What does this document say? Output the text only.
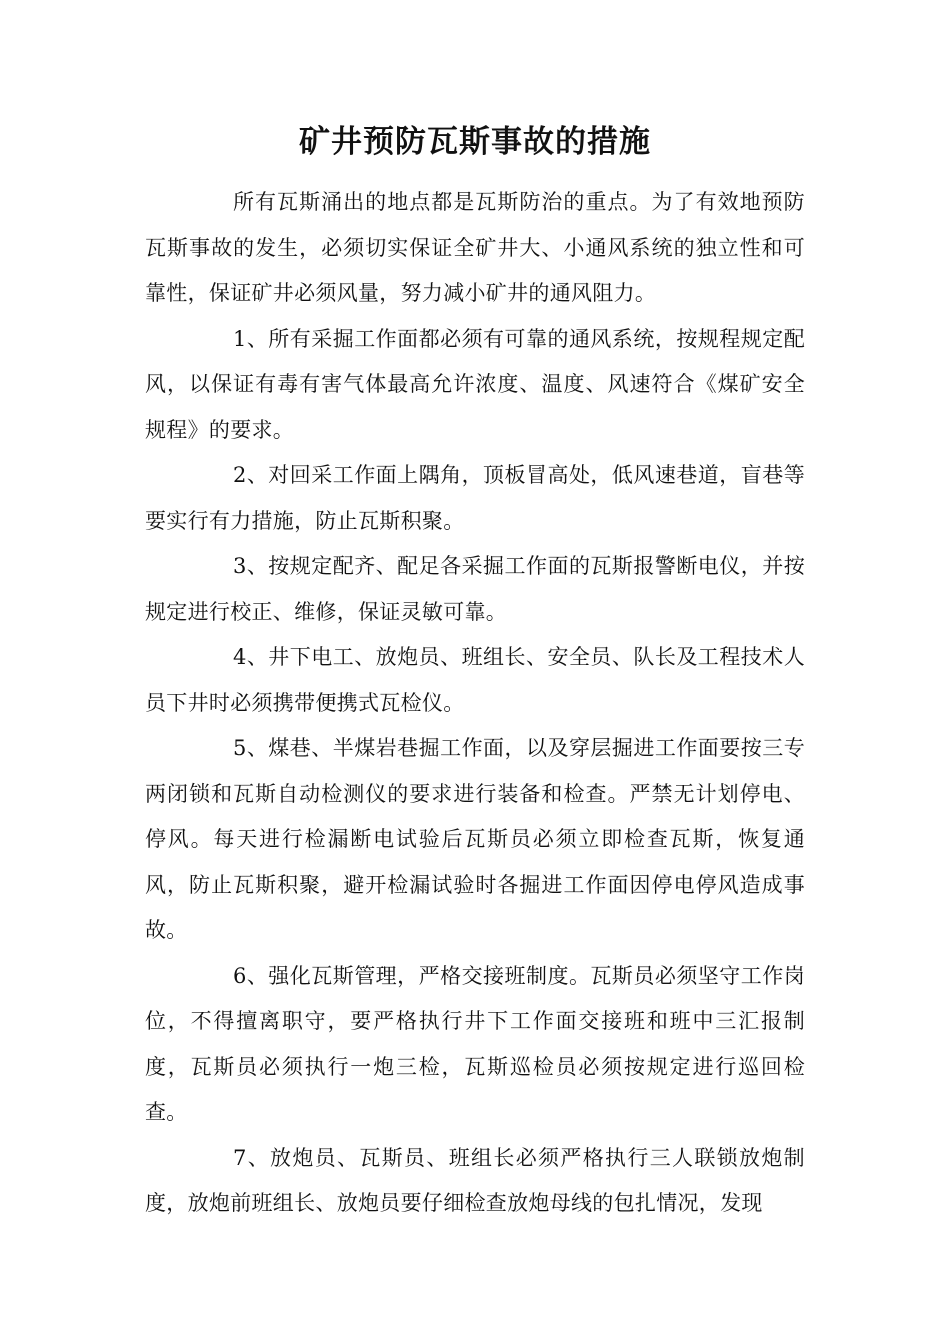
矿井预防瓦斯事故的措施

所有瓦斯涌出的地点都是瓦斯防治的重点。为了有效地预防瓦斯事故的发生，必须切实保证全矿井大、小通风系统的独立性和可靠性，保证矿井必须风量，努力减小矿井的通风阻力。

1、所有采掘工作面都必须有可靠的通风系统，按规程规定配风，以保证有毒有害气体最高允许浓度、温度、风速符合《煤矿安全规程》的要求。

2、对回采工作面上隅角，顶板冒高处，低风速巷道，盲巷等要实行有力措施，防止瓦斯积聚。

3、按规定配齐、配足各采掘工作面的瓦斯报警断电仪，并按规定进行校正、维修，保证灵敏可靠。

4、井下电工、放炮员、班组长、安全员、队长及工程技术人员下井时必须携带便携式瓦检仪。

5、煤巷、半煤岩巷掘工作面，以及穿层掘进工作面要按三专两闭锁和瓦斯自动检测仪的要求进行装备和检查。严禁无计划停电、停风。每天进行检漏断电试验后瓦斯员必须立即检查瓦斯，恢复通风，防止瓦斯积聚，避开检漏试验时各掘进工作面因停电停风造成事故。

6、强化瓦斯管理，严格交接班制度。瓦斯员必须坚守工作岗位，不得擅离职守，要严格执行井下工作面交接班和班中三汇报制度，瓦斯员必须执行一炮三检，瓦斯巡检员必须按规定进行巡回检查。

7、放炮员、瓦斯员、班组长必须严格执行三人联锁放炮制度，放炮前班组长、放炮员要仔细检查放炮母线的包扎情况，发现
